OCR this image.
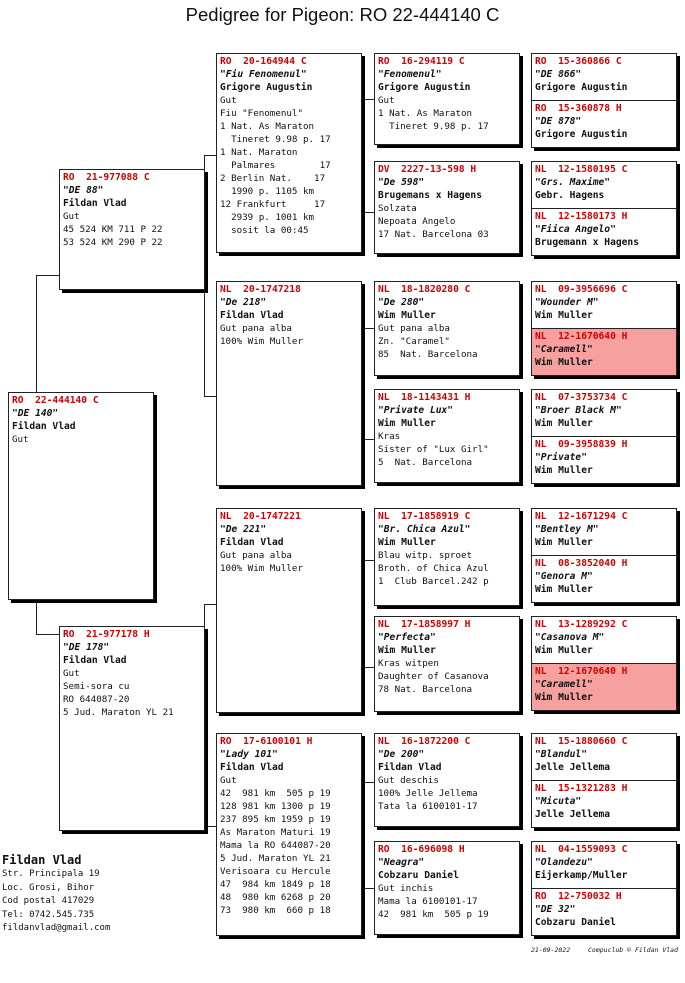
Pedigree for Pigeon: RO 22-444140 C
RO  22-444140 C
"DE 140"
Fildan Vlad
Gut
RO  21-977088 C
"DE 88"
Fildan Vlad
Gut
45 524 KM 711 P 22
53 524 KM 290 P 22
RO  21-977178 H
"DE 178"
Fildan Vlad
Gut
Semi-sora cu
RO 644087-20
5 Jud. Maraton YL 21
RO  20-164944 C
"Fiu Fenomenul"
Grigore Augustin
Gut
Fiu "Fenomenul"
1 Nat. As Maraton
Tineret 9.98 p. 17
1 Nat. Maraton
Palmares        17
2 Berlin Nat.    17
1990 p. 1105 km
12 Frankfurt     17
2939 p. 1001 km
sosit la 00:45
NL  20-1747218
"De 218"
Fildan Vlad
Gut pana alba
100% Wim Muller
NL  20-1747221
"De 221"
Fildan Vlad
Gut pana alba
100% Wim Muller
RO  17-6100101 H
"Lady 101"
Fildan Vlad
Gut
42  981 km  505 p 19
128 981 km 1300 p 19
237 895 km 1959 p 19
As Maraton Maturi 19
Mama la RO 644087-20
5 Jud. Maraton YL 21
Verisoara cu Hercule
47  984 km 1849 p 18
48  980 km 6268 p 20
73  980 km  660 p 18
RO  16-294119 C
"Fenomenul"
Grigore Augustin
Gut
1 Nat. As Maraton
Tineret 9.98 p. 17
DV  2227-13-598 H
"De 598"
Brugemans x Hagens
Solzata
Nepoata Angelo
17 Nat. Barcelona 03
NL  18-1820280 C
"De 280"
Wim Muller
Gut pana alba
Zn. "Caramel"
85  Nat. Barcelona
NL  18-1143431 H
"Private Lux"
Wim Muller
Kras
Sister of "Lux Girl"
5  Nat. Barcelona
NL  17-1858919 C
"Br. Chica Azul"
Wim Muller
Blau witp. sproet
Broth. of Chica Azul
1  Club Barcel.242 p
NL  17-1858997 H
"Perfecta"
Wim Muller
Kras witpen
Daughter of Casanova
78 Nat. Barcelona
NL  16-1872200 C
"De 200"
Fildan Vlad
Gut deschis
100% Jelle Jellema
Tata la 6100101-17
RO  16-696098 H
"Neagra"
Cobzaru Daniel
Gut inchis
Mama la 6100101-17
42  981 km  505 p 19
RO  15-360866 C
"DE 866"
Grigore Augustin
RO  15-360878 H
"DE 878"
Grigore Augustin
NL  12-1580195 C
"Grs. Maxime"
Gebr. Hagens
NL  12-1580173 H
"Fiica Angelo"
Brugemann x Hagens
NL  09-3956696 C
"Wounder M"
Wim Muller
NL  12-1670640 H
"Caramell"
Wim Muller
NL  07-3753734 C
"Broer Black M"
Wim Muller
NL  09-3958839 H
"Private"
Wim Muller
NL  12-1671294 C
"Bentley M"
Wim Muller
NL  08-3852040 H
"Genora M"
Wim Muller
NL  13-1289292 C
"Casanova M"
Wim Muller
NL  12-1670640 H
"Caramell"
Wim Muller
NL  15-1880660 C
"Blandul"
Jelle Jellema
NL  15-1321283 H
"Micuta"
Jelle Jellema
NL  04-1559093 C
"Olandezu"
Eijerkamp/Muller
RO  12-750032 H
"DE 32"
Cobzaru Daniel
Fildan Vlad
Str. Principala 19
Loc. Grosi, Bihor
Cod postal 417029
Tel: 0742.545.735
fildanvlad@gmail.com
21-09-2022	Compuclub © Fildan Vlad
